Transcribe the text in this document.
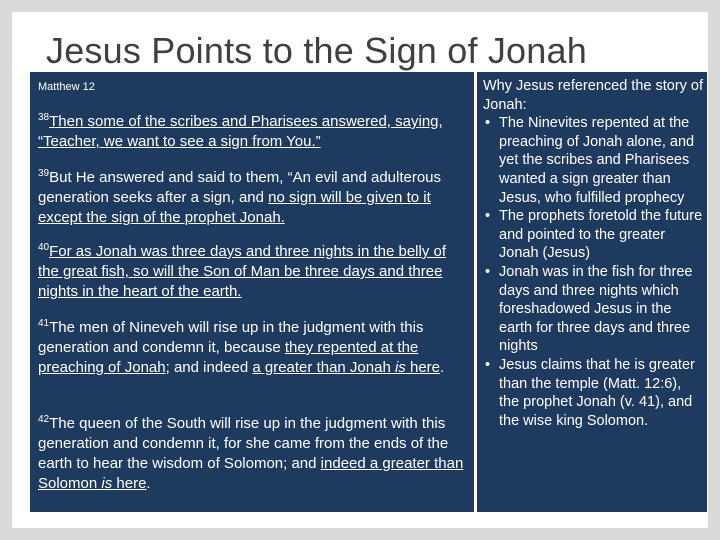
Jesus Points to the Sign of Jonah
Matthew 12
$^{38}$Then some of the scribes and Pharisees answered, saying, “Teacher, we want to see a sign from You.”
$^{39}$But He answered and said to them, “An evil and adulterous generation seeks after a sign, and no sign will be given to it except the sign of the prophet Jonah.
$^{40}$For as Jonah was three days and three nights in the belly of the great fish, so will the Son of Man be three days and three nights in the heart of the earth.
$^{41}$The men of Nineveh will rise up in the judgment with this generation and condemn it, because they repented at the preaching of Jonah; and indeed a greater than Jonah is here.
$^{42}$The queen of the South will rise up in the judgment with this generation and condemn it, for she came from the ends of the earth to hear the wisdom of Solomon; and indeed a greater than Solomon is here.

Why Jesus referenced the story of Jonah:

• The Ninevites repented at the preaching of Jonah alone, and yet the scribes and Pharisees wanted a sign greater than Jesus, who fulfilled prophecy
• The prophets foretold the future and pointed to the greater Jonah (Jesus)
• Jonah was in the fish for three days and three nights which foreshadowed Jesus in the earth for three days and three nights
• Jesus claims that he is greater than the temple (Matt. 12:6), the prophet Jonah (v. 41), and the wise king Solomon.
